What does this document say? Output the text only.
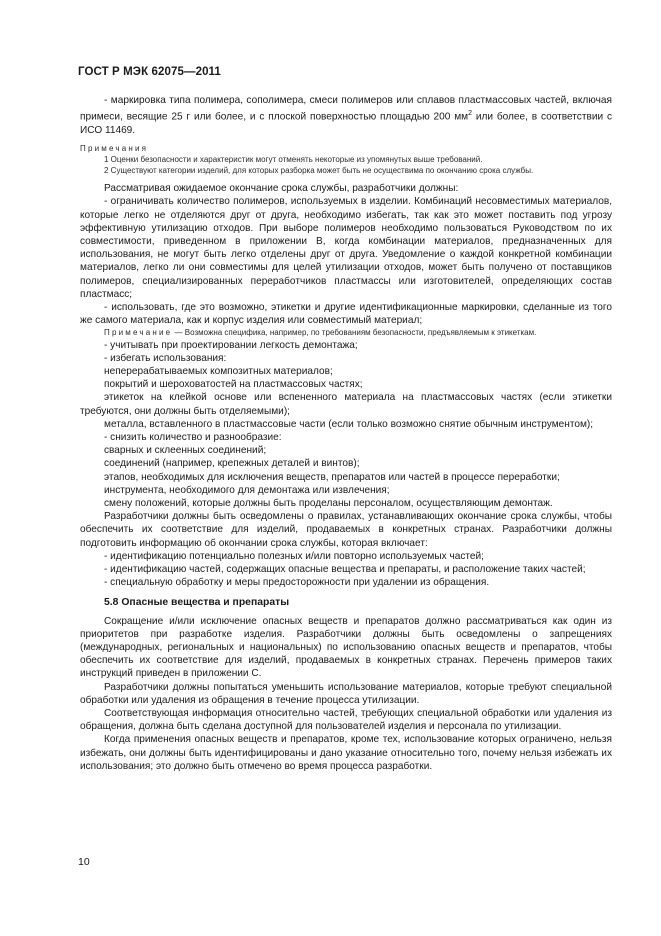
ГОСТ Р МЭК 62075—2011

- маркировка типа полимера, сополимера, смеси полимеров или сплавов пластмассовых частей, включая примеси, весящие 25 г или более, и с плоской поверхностью площадью 200 $мм^2$ или более, в соответствии с ИСО 11469.

Примечания

1 Оценки безопасности и характеристик могут отменять некоторые из упомянутых выше требований.

2 Существуют категории изделий, для которых разборка может быть не осуществима по окончанию срока службы.

Рассматривая ожидаемое окончание срока службы, разработчики должны:

- ограничивать количество полимеров, используемых в изделии. Комбинаций несовместимых материалов, которые легко не отделяются друг от друга, необходимо избегать, так как это может поставить под угрозу эффективную утилизацию отходов. При выборе полимеров необходимо пользоваться Руководством по их совместимости, приведенном в приложении В, когда комбинации материалов, предназначенных для использования, не могут быть легко отделены друг от друга. Уведомление о каждой конкретной комбинации материалов, легко ли они совместимы для целей утилизации отходов, может быть получено от поставщиков полимеров, специализированных переработчиков пластмассы или изготовителей, определяющих состав пластмасс;

- использовать, где это возможно, этикетки и другие идентификационные маркировки, сделанные из того же самого материала, как и корпус изделия или совместимый материал;

Примечание — Возможна специфика, например, по требованиям безопасности, предъявляемым к этикеткам.

- учитывать при проектировании легкость демонтажа;

- избегать использования:

неперерабатываемых композитных материалов;

покрытий и шероховатостей на пластмассовых частях;

этикеток на клейкой основе или вспененного материала на пластмассовых частях (если этикетки требуются, они должны быть отделяемыми);

металла, вставленного в пластмассовые части (если только возможно снятие обычным инструментом);

- снизить количество и разнообразие:

сварных и склеенных соединений;

соединений (например, крепежных деталей и винтов);

этапов, необходимых для исключения веществ, препаратов или частей в процессе переработки;

инструмента, необходимого для демонтажа или извлечения;

смену положений, которые должны быть проделаны персоналом, осуществляющим демонтаж.

Разработчики должны быть осведомлены о правилах, устанавливающих окончание срока службы, чтобы обеспечить их соответствие для изделий, продаваемых в конкретных странах. Разработчики должны подготовить информацию об окончании срока службы, которая включает:

- идентификацию потенциально полезных и/или повторно используемых частей;

- идентификацию частей, содержащих опасные вещества и препараты, и расположение таких частей;

- специальную обработку и меры предосторожности при удалении из обращения.

5.8 Опасные вещества и препараты

Сокращение и/или исключение опасных веществ и препаратов должно рассматриваться как один из приоритетов при разработке изделия. Разработчики должны быть осведомлены о запрещениях (международных, региональных и национальных) по использованию опасных веществ и препаратов, чтобы обеспечить их соответствие для изделий, продаваемых в конкретных странах. Перечень примеров таких инструкций приведен в приложении С.

Разработчики должны попытаться уменьшить использование материалов, которые требуют специальной обработки или удаления из обращения в течение процесса утилизации.

Соответствующая информация относительно частей, требующих специальной обработки или удаления из обращения, должна быть сделана доступной для пользователей изделия и персонала по утилизации.

Когда применения опасных веществ и препаратов, кроме тех, использование которых ограничено, нельзя избежать, они должны быть идентифицированы и дано указание относительно того, почему нельзя избежать их использования; это должно быть отмечено во время процесса разработки.

10
